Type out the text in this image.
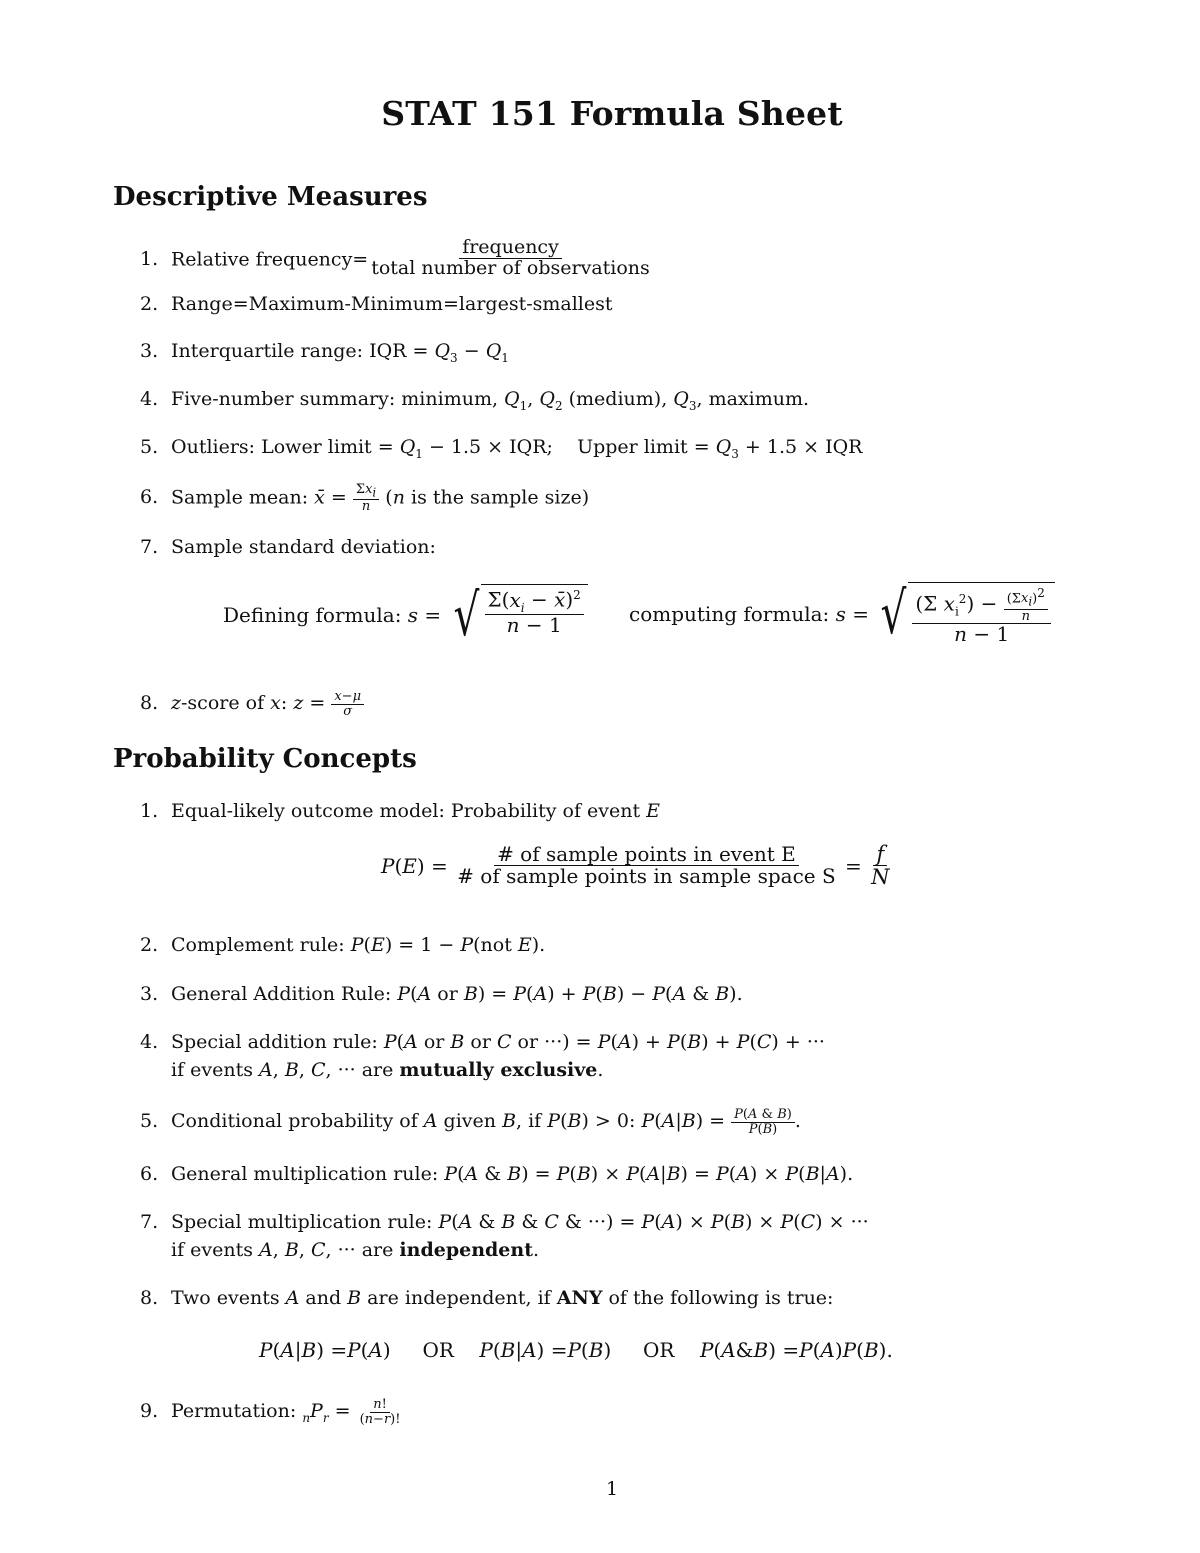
STAT 151 Formula Sheet
Descriptive Measures
1. Relative frequency= $\frac{\text{frequency}}{\text{total number of observations}}$
2. Range=Maximum-Minimum=largest-smallest
3. Interquartile range: IQR = $Q_3 - Q_1$
4. Five-number summary: minimum, $Q_1$, $Q_2$ (medium), $Q_3$, maximum.
5. Outliers: Lower limit = $Q_1 - 1.5$ × IQR;    Upper limit = $Q_3 + 1.5$ × IQR
6. Sample mean: x̄ = $\frac{\Sigma x_i}{n} (n$ is the sample size)
7. Sample standard deviation:
Defining formula:
s = √ $\frac{\Sigma(x_i - x̄)^2}{n - 1}$ computing formula:
s = √ $\frac{(\Sigma x_i^2) - \frac{(\Sigma x_i)^2}{n}}{n - 1}$
8. z-score of x: $z = \frac{x-\mu}{\sigma}$
Probability Concepts
1. Equal-likely outcome model: Probability of event E
P ( E ) = $\frac{\text{\# of sample points in event E}}{\text{\# of sample points in sample space S}} = \frac{f}{N}$
2. Complement rule: P(E) = 1 − P(not E).
3. General Addition Rule: P(A or B) = P(A) + P(B) − P(A & B).
4. Special addition rule: P(A or B or C or ···) = P(A) + P(B) + P(C) + ···
if events A, B, C, ··· are mutually exclusive.
5. Conditional probability of A given B, if P(B) > 0: $P(A|B) = \frac{P(A \& B)}{P(B)}$ .
6. General multiplication rule: P(A & B) = P(B) × P(A|B) = P(A) × P(B|A).
7. Special multiplication rule: P(A & B & C & ···) = P(A) × P(B) × P(C) × ···
if events A, B, C, ··· are independent.
8. Two events A and B are independent, if ANY of the following is true:
P ( A | B ) = P ( A ) OR
P ( B | A ) = P ( B ) OR
P ( A & B ) = P ( A ) P ( B ).
9. Permutation: $_nP_r = \frac{n!}{(n-r)!}$
1
